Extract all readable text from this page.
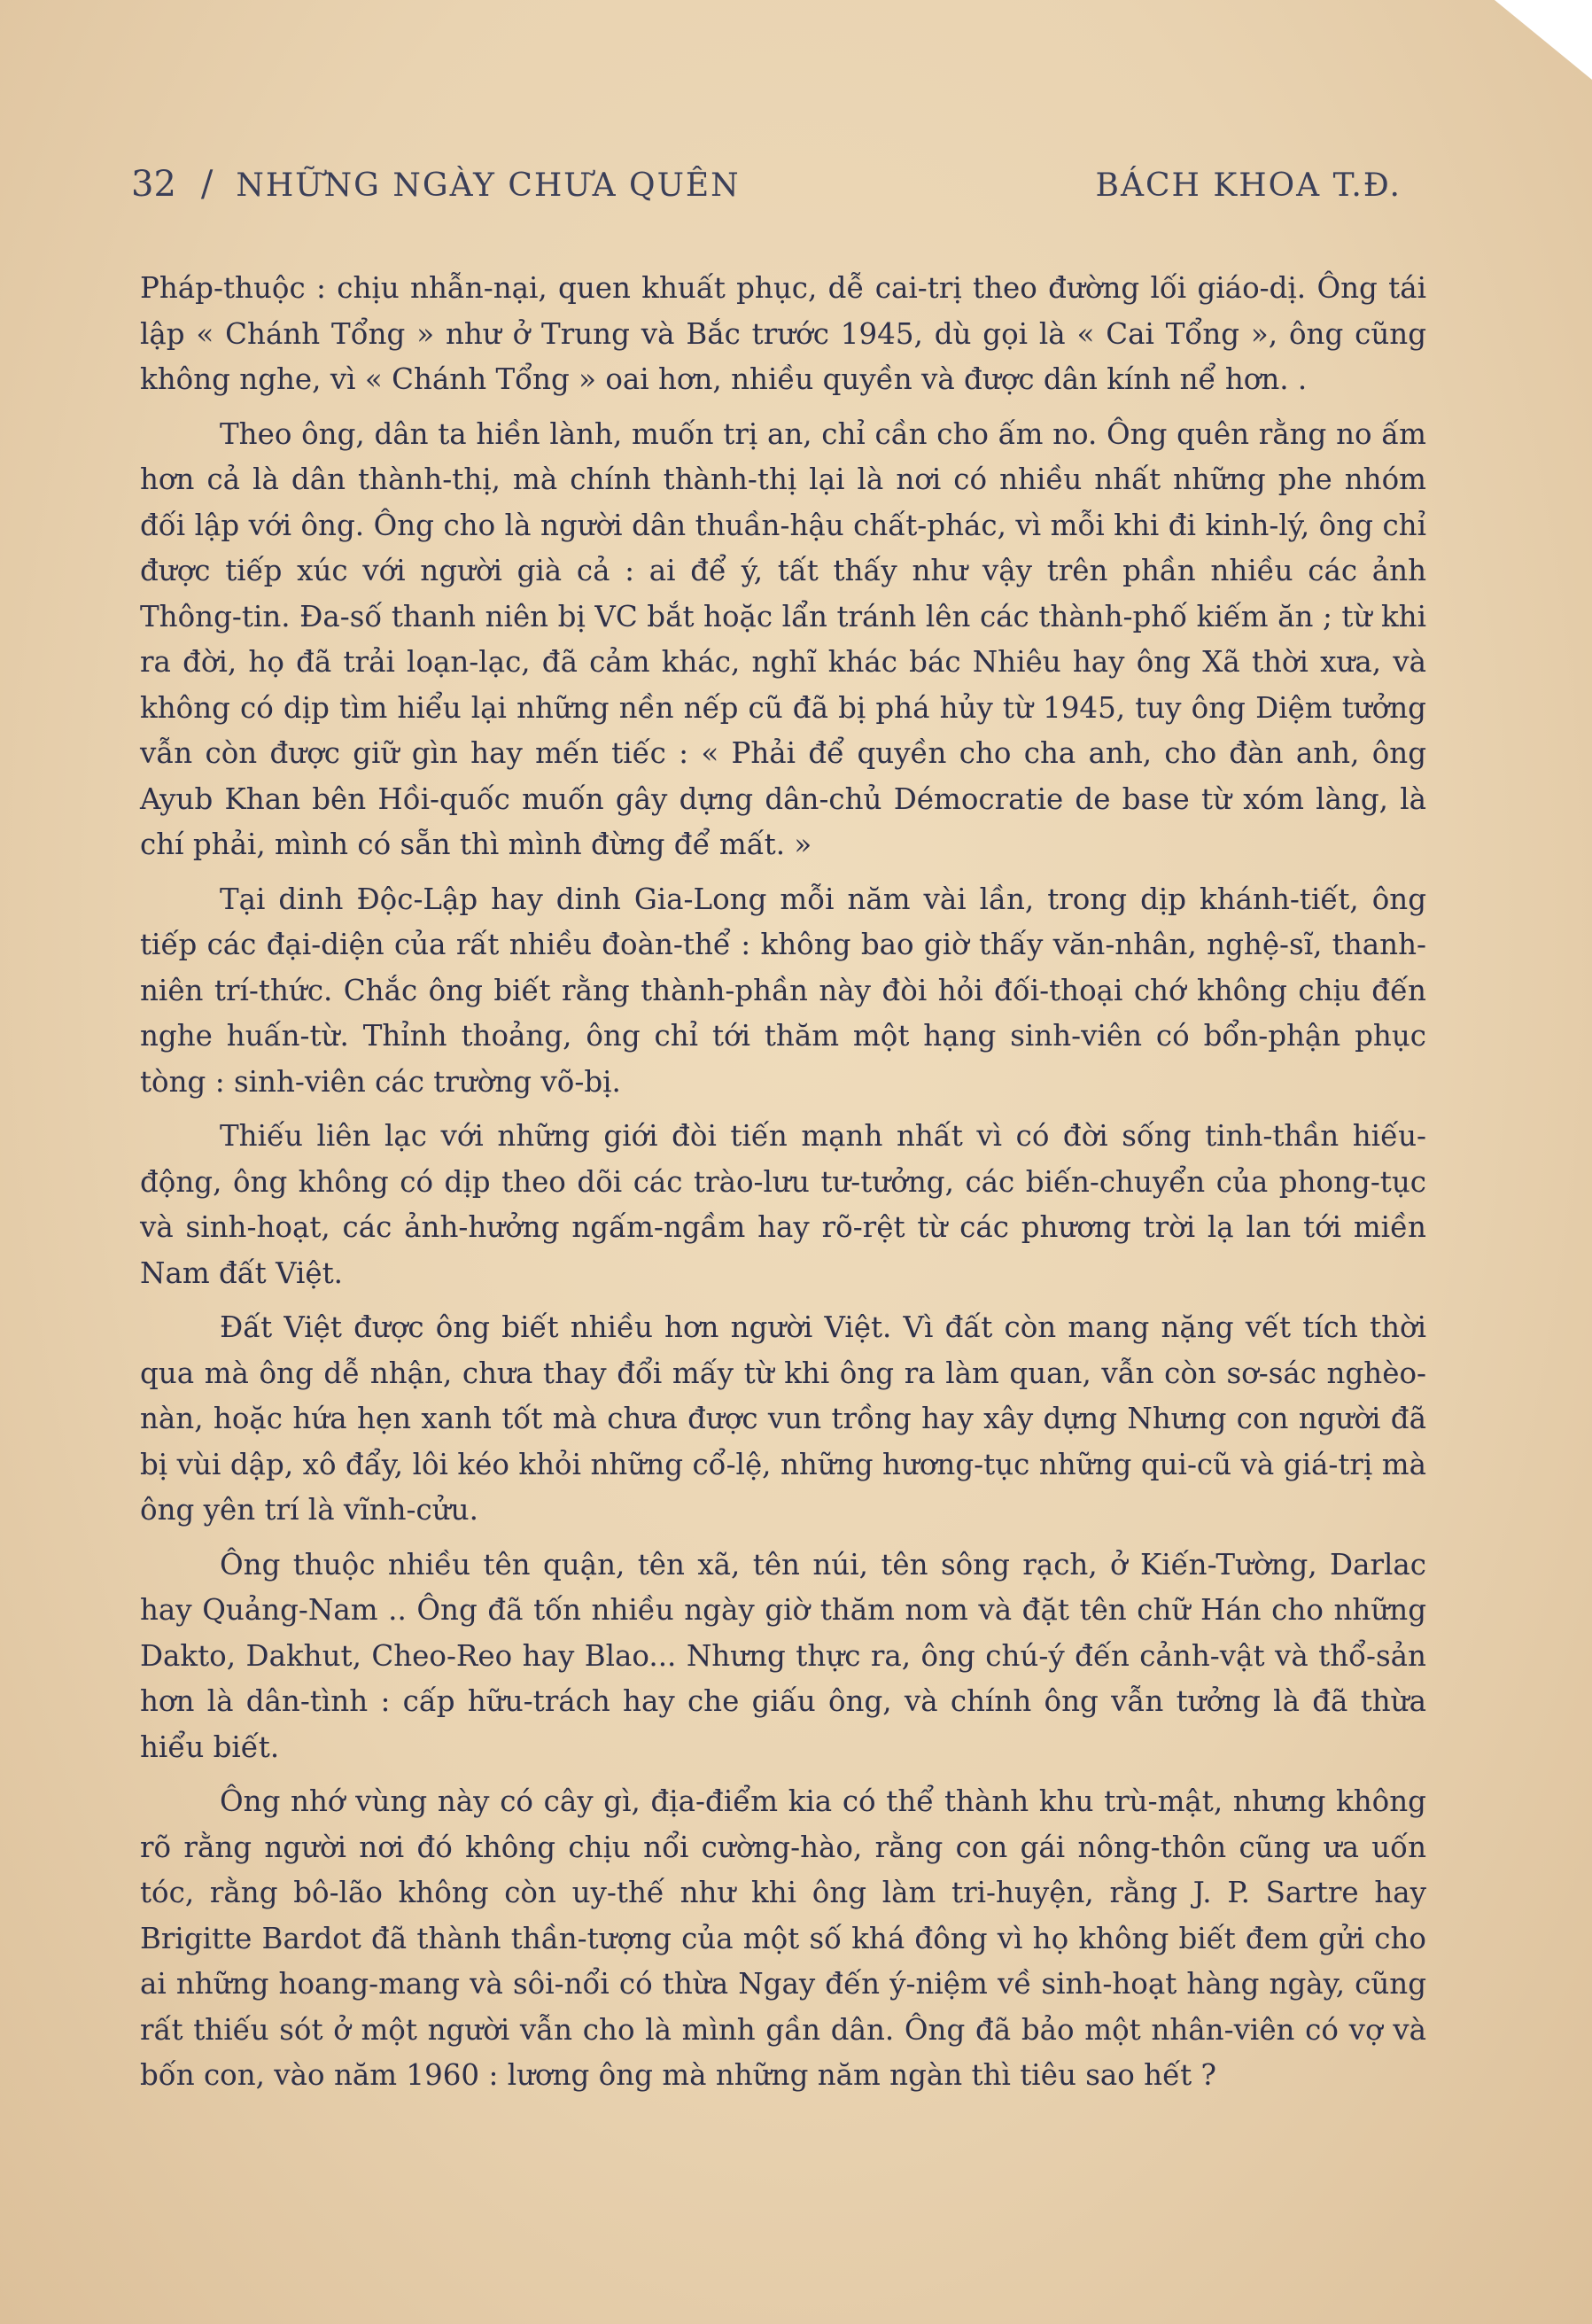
32 / NHỮNG NGÀY CHƯA QUÊN	BÁCH KHOA T.Đ.

Pháp-thuộc : chịu nhẫn-nại, quen khuất phục, dễ cai-trị theo đường lối giáo-dị. Ông tái lập « Chánh Tổng » như ở Trung và Bắc trước 1945, dù gọi là « Cai Tổng », ông cũng không nghe, vì « Chánh Tổng » oai hơn, nhiều quyền và được dân kính nể hơn. .

Theo ông, dân ta hiền lành, muốn trị an, chỉ cần cho ấm no. Ông quên rằng no ấm hơn cả là dân thành-thị, mà chính thành-thị lại là nơi có nhiều nhất những phe nhóm đối lập với ông. Ông cho là người dân thuần-hậu chất-phác, vì mỗi khi đi kinh-lý, ông chỉ được tiếp xúc với người già cả : ai để ý, tất thấy như vậy trên phần nhiều các ảnh Thông-tin. Đa-số thanh niên bị VC bắt hoặc lẩn tránh lên các thành-phố kiếm ăn ; từ khi ra đời, họ đã trải loạn-lạc, đã cảm khác, nghĩ khác bác Nhiêu hay ông Xã thời xưa, và không có dịp tìm hiểu lại những nền nếp cũ đã bị phá hủy từ 1945, tuy ông Diệm tưởng vẫn còn được giữ gìn hay mến tiếc : « Phải để quyền cho cha anh, cho đàn anh, ông Ayub Khan bên Hồi-quốc muốn gây dựng dân-chủ Démocratie de base từ xóm làng, là chí phải, mình có sẵn thì mình đừng để mất. »

Tại dinh Độc-Lập hay dinh Gia-Long mỗi năm vài lần, trong dịp khánh-tiết, ông tiếp các đại-diện của rất nhiều đoàn-thể : không bao giờ thấy văn-nhân, nghệ-sĩ, thanh-niên trí-thức. Chắc ông biết rằng thành-phần này đòi hỏi đối-thoại chớ không chịu đến nghe huấn-từ. Thỉnh thoảng, ông chỉ tới thăm một hạng sinh-viên có bổn-phận phục tòng : sinh-viên các trường võ-bị.

Thiếu liên lạc với những giới đòi tiến mạnh nhất vì có đời sống tinh-thần hiếu-động, ông không có dịp theo dõi các trào-lưu tư-tưởng, các biến-chuyển của phong-tục và sinh-hoạt, các ảnh-hưởng ngấm-ngầm hay rõ-rệt từ các phương trời lạ lan tới miền Nam đất Việt.

Đất Việt được ông biết nhiều hơn người Việt. Vì đất còn mang nặng vết tích thời qua mà ông dễ nhận, chưa thay đổi mấy từ khi ông ra làm quan, vẫn còn sơ-sác nghèo-nàn, hoặc hứa hẹn xanh tốt mà chưa được vun trồng hay xây dựng Nhưng con người đã bị vùi dập, xô đẩy, lôi kéo khỏi những cổ-lệ, những hương-tục những qui-cũ và giá-trị mà ông yên trí là vĩnh-cửu.

Ông thuộc nhiều tên quận, tên xã, tên núi, tên sông rạch, ở Kiến-Tường, Darlac hay Quảng-Nam .. Ông đã tốn nhiều ngày giờ thăm nom và đặt tên chữ Hán cho những Dakto, Dakhut, Cheo-Reo hay Blao... Nhưng thực ra, ông chú-ý đến cảnh-vật và thổ-sản hơn là dân-tình : cấp hữu-trách hay che giấu ông, và chính ông vẫn tưởng là đã thừa hiểu biết.

Ông nhớ vùng này có cây gì, địa-điểm kia có thể thành khu trù-mật, nhưng không rõ rằng người nơi đó không chịu nổi cường-hào, rằng con gái nông-thôn cũng ưa uốn tóc, rằng bô-lão không còn uy-thế như khi ông làm tri-huyện, rằng J. P. Sartre hay Brigitte Bardot đã thành thần-tượng của một số khá đông vì họ không biết đem gửi cho ai những hoang-mang và sôi-nổi có thừa Ngay đến ý-niệm về sinh-hoạt hàng ngày, cũng rất thiếu sót ở một người vẫn cho là mình gần dân. Ông đã bảo một nhân-viên có vợ và bốn con, vào năm 1960 : lương ông mà những năm ngàn thì tiêu sao hết ?
